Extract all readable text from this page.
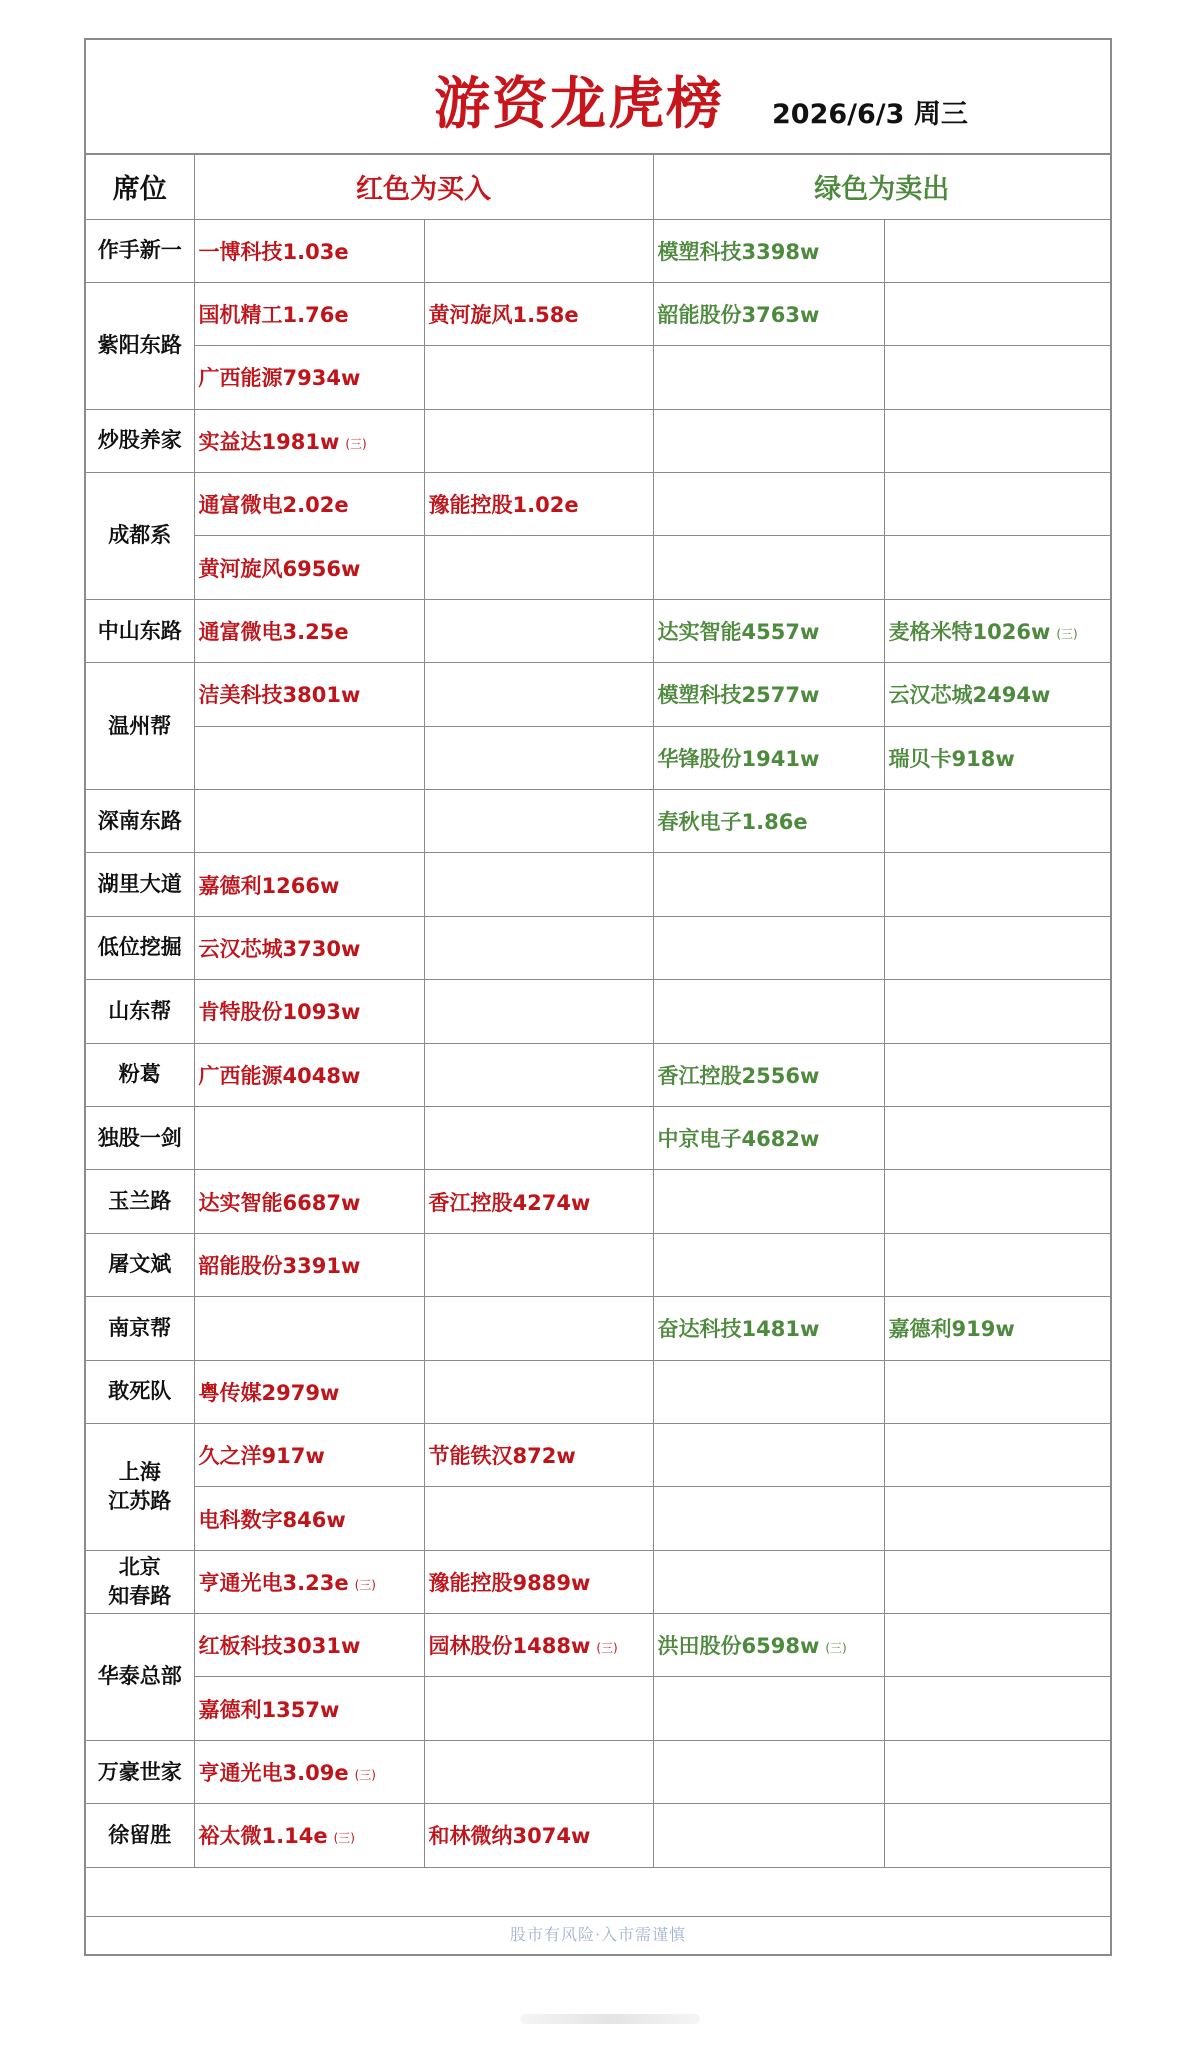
游资龙虎榜 2026/6/3 周三
席位	红色为买入		绿色为卖出	
作手新一	一博科技1.03e		模塑科技3398w	
紫阳东路	国机精工1.76e	黄河旋风1.58e	韶能股份3763w	
	广西能源7934w			
炒股养家	实益达1981w (三)			
成都系	通富微电2.02e	豫能控股1.02e		
	黄河旋风6956w			
中山东路	通富微电3.25e		达实智能4557w	麦格米特1026w (三)
温州帮	洁美科技3801w		模塑科技2577w	云汉芯城2494w
			华锋股份1941w	瑞贝卡918w
深南东路			春秋电子1.86e	
湖里大道	嘉德利1266w			
低位挖掘	云汉芯城3730w			
山东帮	肯特股份1093w			
粉葛	广西能源4048w		香江控股2556w	
独股一剑			中京电子4682w	
玉兰路	达实智能6687w	香江控股4274w		
屠文斌	韶能股份3391w			
南京帮			奋达科技1481w	嘉德利919w
敢死队	粤传媒2979w			
上海
江苏路	久之洋917w	节能铁汉872w		
	电科数字846w			
北京
知春路	亨通光电3.23e (三)	豫能控股9889w		
华泰总部	红板科技3031w	园林股份1488w (三)	洪田股份6598w (三)	
	嘉德利1357w			
万豪世家	亨通光电3.09e (三)			
徐留胜	裕太微1.14e (三)	和林微纳3074w		
股市有风险·入市需谨慎
